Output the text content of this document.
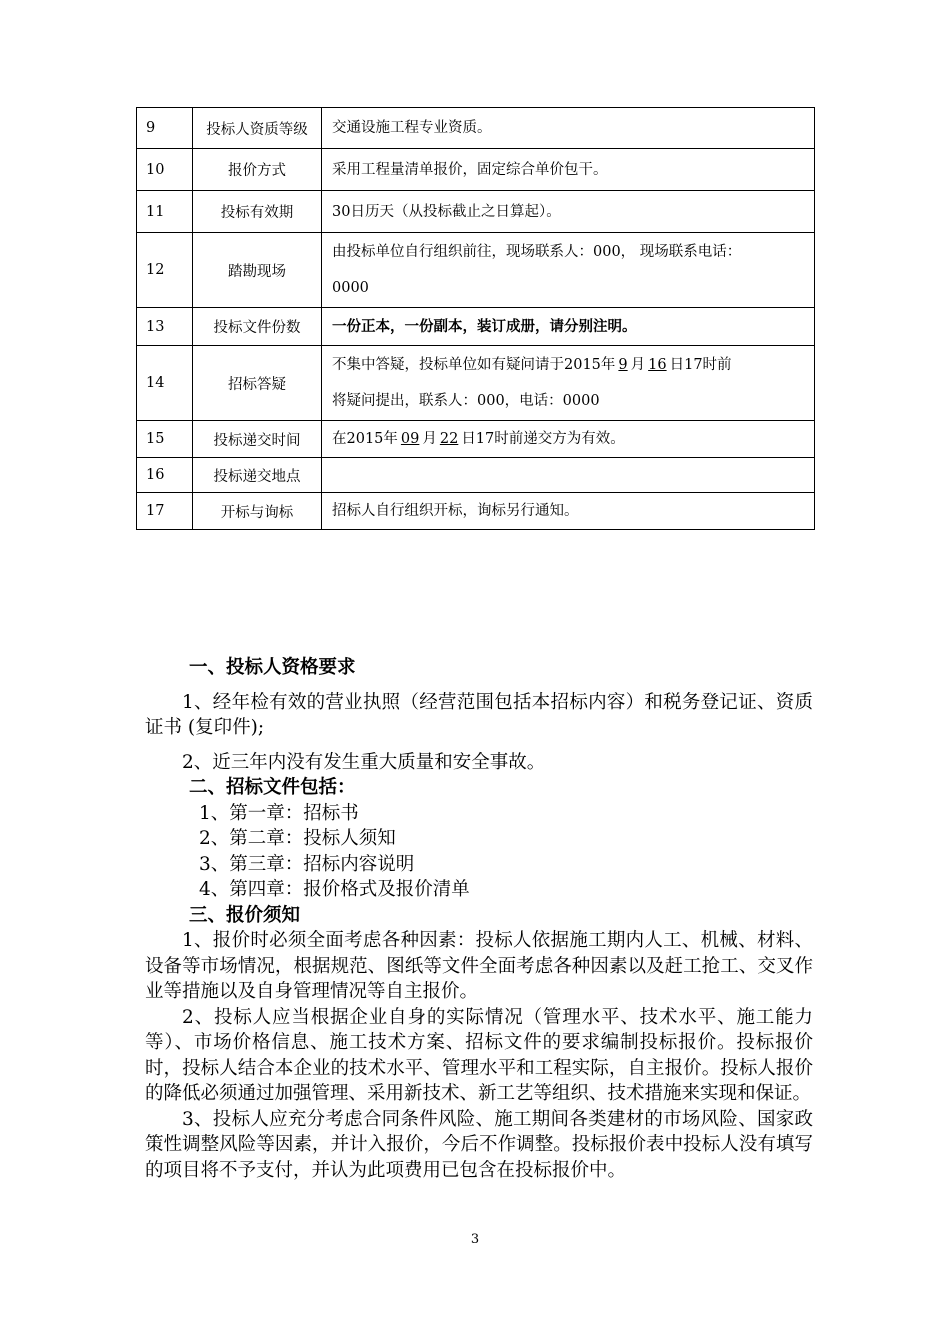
9	投标人资质等级	交通设施工程专业资质。
10	报价方式	采用工程量清单报价，固定综合单价包干。
11	投标有效期	30日历天（从投标截止之日算起）。
12	踏勘现场	由投标单位自行组织前往，现场联系人：000， 现场联系电话：
0000

13	投标文件份数	一份正本，一份副本，装订成册，请分别注明。
14	招标答疑	不集中答疑，投标单位如有疑问请于2015年 9 月 16 日17时前
将疑问提出，联系人：000，电话：0000

15	投标递交时间	在2015年 09 月 22 日17时前递交方为有效。
16	投标递交地点	
17	开标与询标	招标人自行组织开标，询标另行通知。

一、投标人资格要求

1、经年检有效的营业执照（经营范围包括本招标内容）和税务登记证、资质证书 (复印件);

2、近三年内没有发生重大质量和安全事故。

二、招标文件包括：

1、第一章：招标书

2、第二章：投标人须知

3、第三章：招标内容说明

4、第四章：报价格式及报价清单

三、报价须知

1、报价时必须全面考虑各种因素：投标人依据施工期内人工、机械、材料、设备等市场情况，根据规范、图纸等文件全面考虑各种因素以及赶工抢工、交叉作业等措施以及自身管理情况等自主报价。

2、投标人应当根据企业自身的实际情况（管理水平、技术水平、施工能力等）、市场价格信息、施工技术方案、招标文件的要求编制投标报价。投标报价时，投标人结合本企业的技术水平、管理水平和工程实际，自主报价。投标人报价的降低必须通过加强管理、采用新技术、新工艺等组织、技术措施来实现和保证。

3、投标人应充分考虑合同条件风险、施工期间各类建材的市场风险、国家政策性调整风险等因素，并计入报价，今后不作调整。投标报价表中投标人没有填写的项目将不予支付，并认为此项费用已包含在投标报价中。

3
